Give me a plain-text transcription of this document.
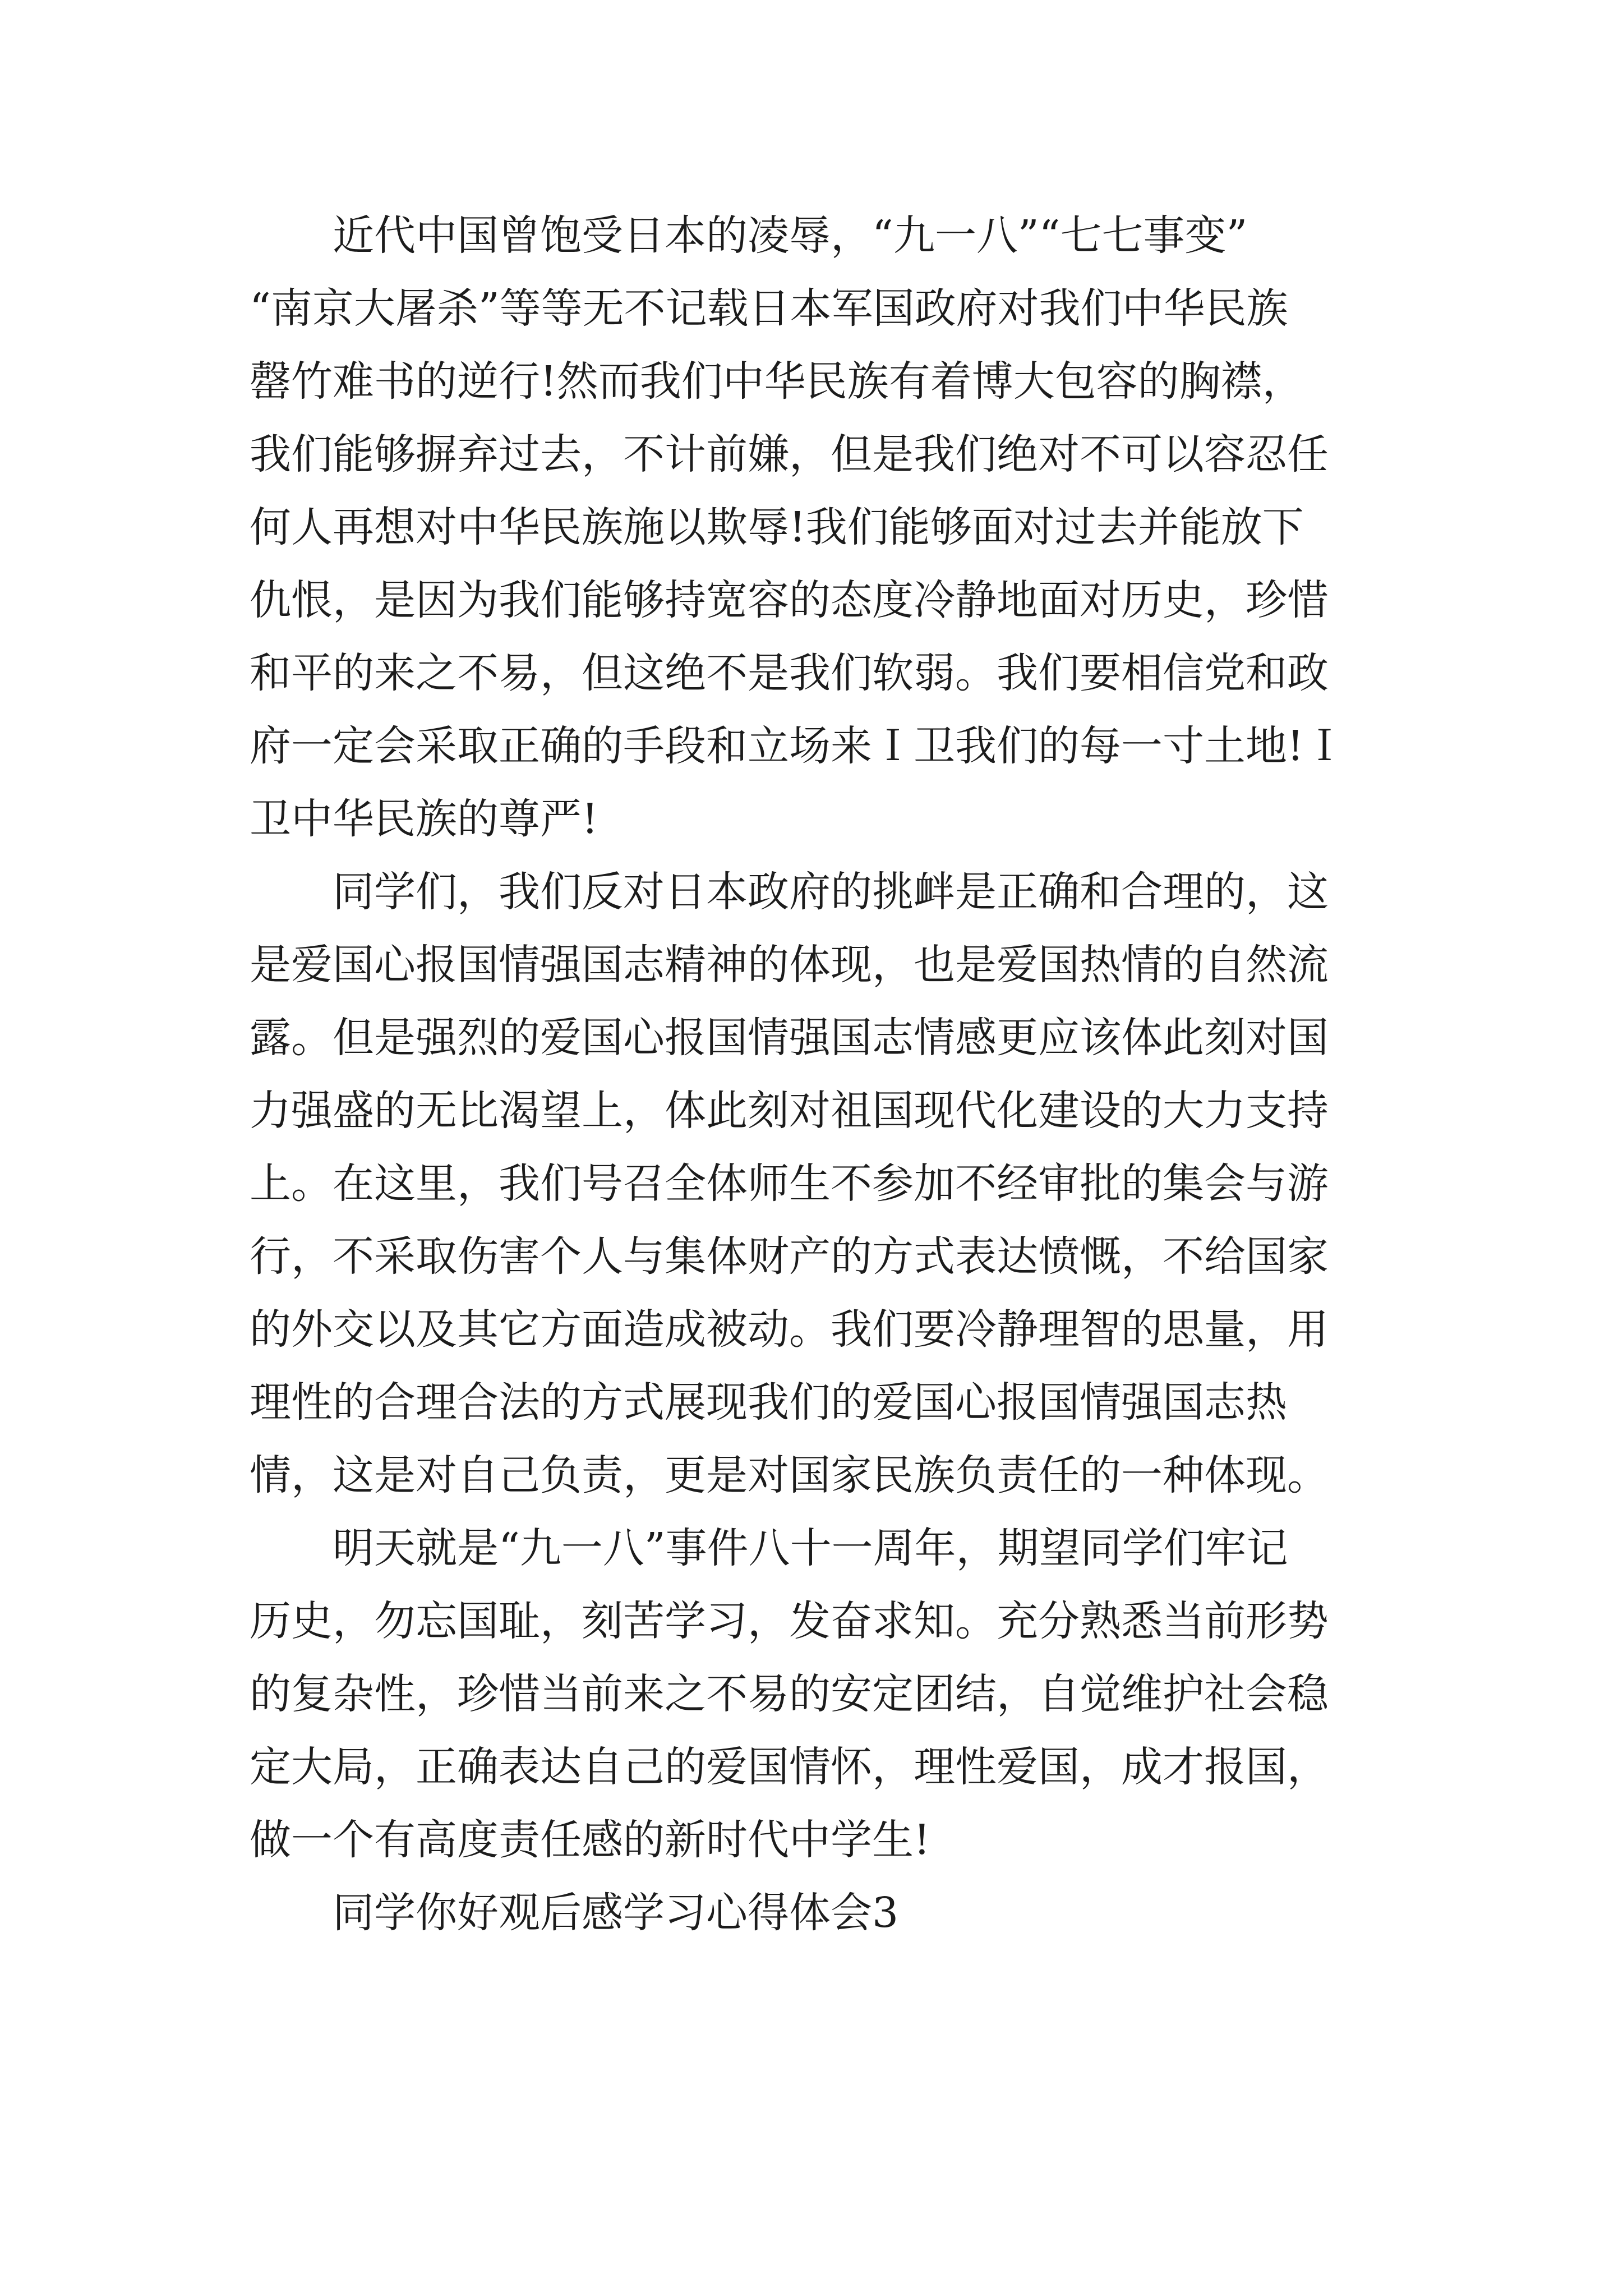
近代中国曾饱受日本的凌辱，“九一八”“七七事变”
“南京大屠杀”等等无不记载日本军国政府对我们中华民族
罄竹难书的逆行!然而我们中华民族有着博大包容的胸襟，
我们能够摒弃过去，不计前嫌，但是我们绝对不可以容忍任
何人再想对中华民族施以欺辱!我们能够面对过去并能放下
仇恨，是因为我们能够持宽容的态度冷静地面对历史，珍惜
和平的来之不易，但这绝不是我们软弱。我们要相信党和政
府一定会采取正确的手段和立场来Ｉ卫我们的每一寸土地!Ｉ
卫中华民族的尊严!
同学们，我们反对日本政府的挑衅是正确和合理的，这
是爱国心报国情强国志精神的体现，也是爱国热情的自然流
露。但是强烈的爱国心报国情强国志情感更应该体此刻对国
力强盛的无比渴望上，体此刻对祖国现代化建设的大力支持
上。在这里，我们号召全体师生不参加不经审批的集会与游
行，不采取伤害个人与集体财产的方式表达愤慨，不给国家
的外交以及其它方面造成被动。我们要冷静理智的思量，用
理性的合理合法的方式展现我们的爱国心报国情强国志热
情，这是对自己负责，更是对国家民族负责任的一种体现。
明天就是“九一八”事件八十一周年，期望同学们牢记
历史，勿忘国耻，刻苦学习，发奋求知。充分熟悉当前形势
的复杂性，珍惜当前来之不易的安定团结，自觉维护社会稳
定大局，正确表达自己的爱国情怀，理性爱国，成才报国，
做一个有高度责任感的新时代中学生!
同学你好观后感学习心得体会3
